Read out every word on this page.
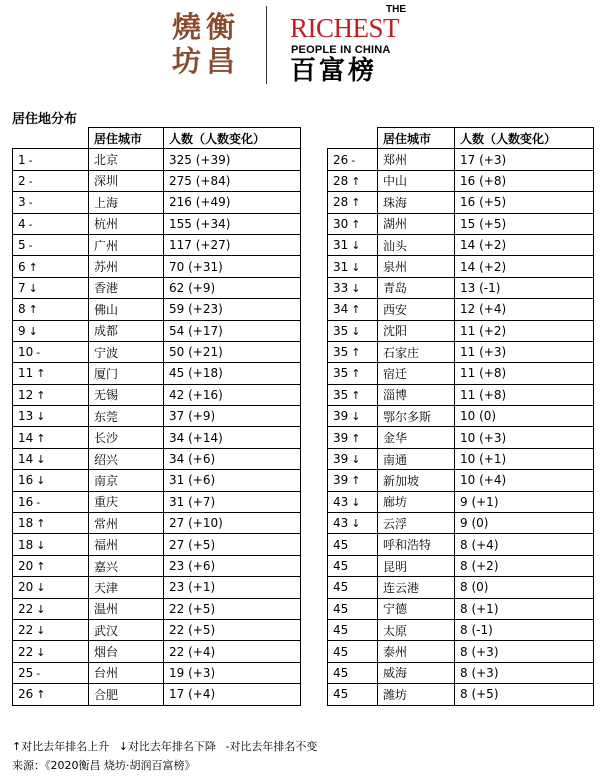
燒 衡
坊 昌
THE
RICHEST
PEOPLE IN CHINA
百富榜
居住地分布
	居住城市	人数（人数变化）
1 -	北京	325 (+39)
2 -	深圳	275 (+84)
3 -	上海	216 (+49)
4 -	杭州	155 (+34)
5 -	广州	117 (+27)
6 ↑	苏州	70 (+31)
7 ↓	香港	62 (+9)
8 ↑	佛山	59 (+23)
9 ↓	成都	54 (+17)
10 -	宁波	50 (+21)
11 ↑	厦门	45 (+18)
12 ↑	无锡	42 (+16)
13 ↓	东莞	37 (+9)
14 ↑	长沙	34 (+14)
14 ↓	绍兴	34 (+6)
16 ↓	南京	31 (+6)
16 -	重庆	31 (+7)
18 ↑	常州	27 (+10)
18 ↓	福州	27 (+5)
20 ↑	嘉兴	23 (+6)
20 ↓	天津	23 (+1)
22 ↓	温州	22 (+5)
22 ↓	武汉	22 (+5)
22 ↓	烟台	22 (+4)
25 -	台州	19 (+3)
26 ↑	合肥	17 (+4)
	居住城市	人数（人数变化）
26 -	郑州	17 (+3)
28 ↑	中山	16 (+8)
28 ↑	珠海	16 (+5)
30 ↑	湖州	15 (+5)
31 ↓	汕头	14 (+2)
31 ↓	泉州	14 (+2)
33 ↓	青岛	13 (-1)
34 ↑	西安	12 (+4)
35 ↓	沈阳	11 (+2)
35 ↑	石家庄	11 (+3)
35 ↑	宿迁	11 (+8)
35 ↑	淄博	11 (+8)
39 ↓	鄂尔多斯	10 (0)
39 ↑	金华	10 (+3)
39 ↓	南通	10 (+1)
39 ↑	新加坡	10 (+4)
43 ↓	廊坊	9 (+1)
43 ↓	云浮	9 (0)
45	呼和浩特	8 (+4)
45	昆明	8 (+2)
45	连云港	8 (0)
45	宁德	8 (+1)
45	太原	8 (-1)
45	泰州	8 (+3)
45	威海	8 (+3)
45	潍坊	8 (+5)
↑对比去年排名上升 ↓对比去年排名下降 -对比去年排名不变
来源：《2020衡昌 烧坊·胡润百富榜》
